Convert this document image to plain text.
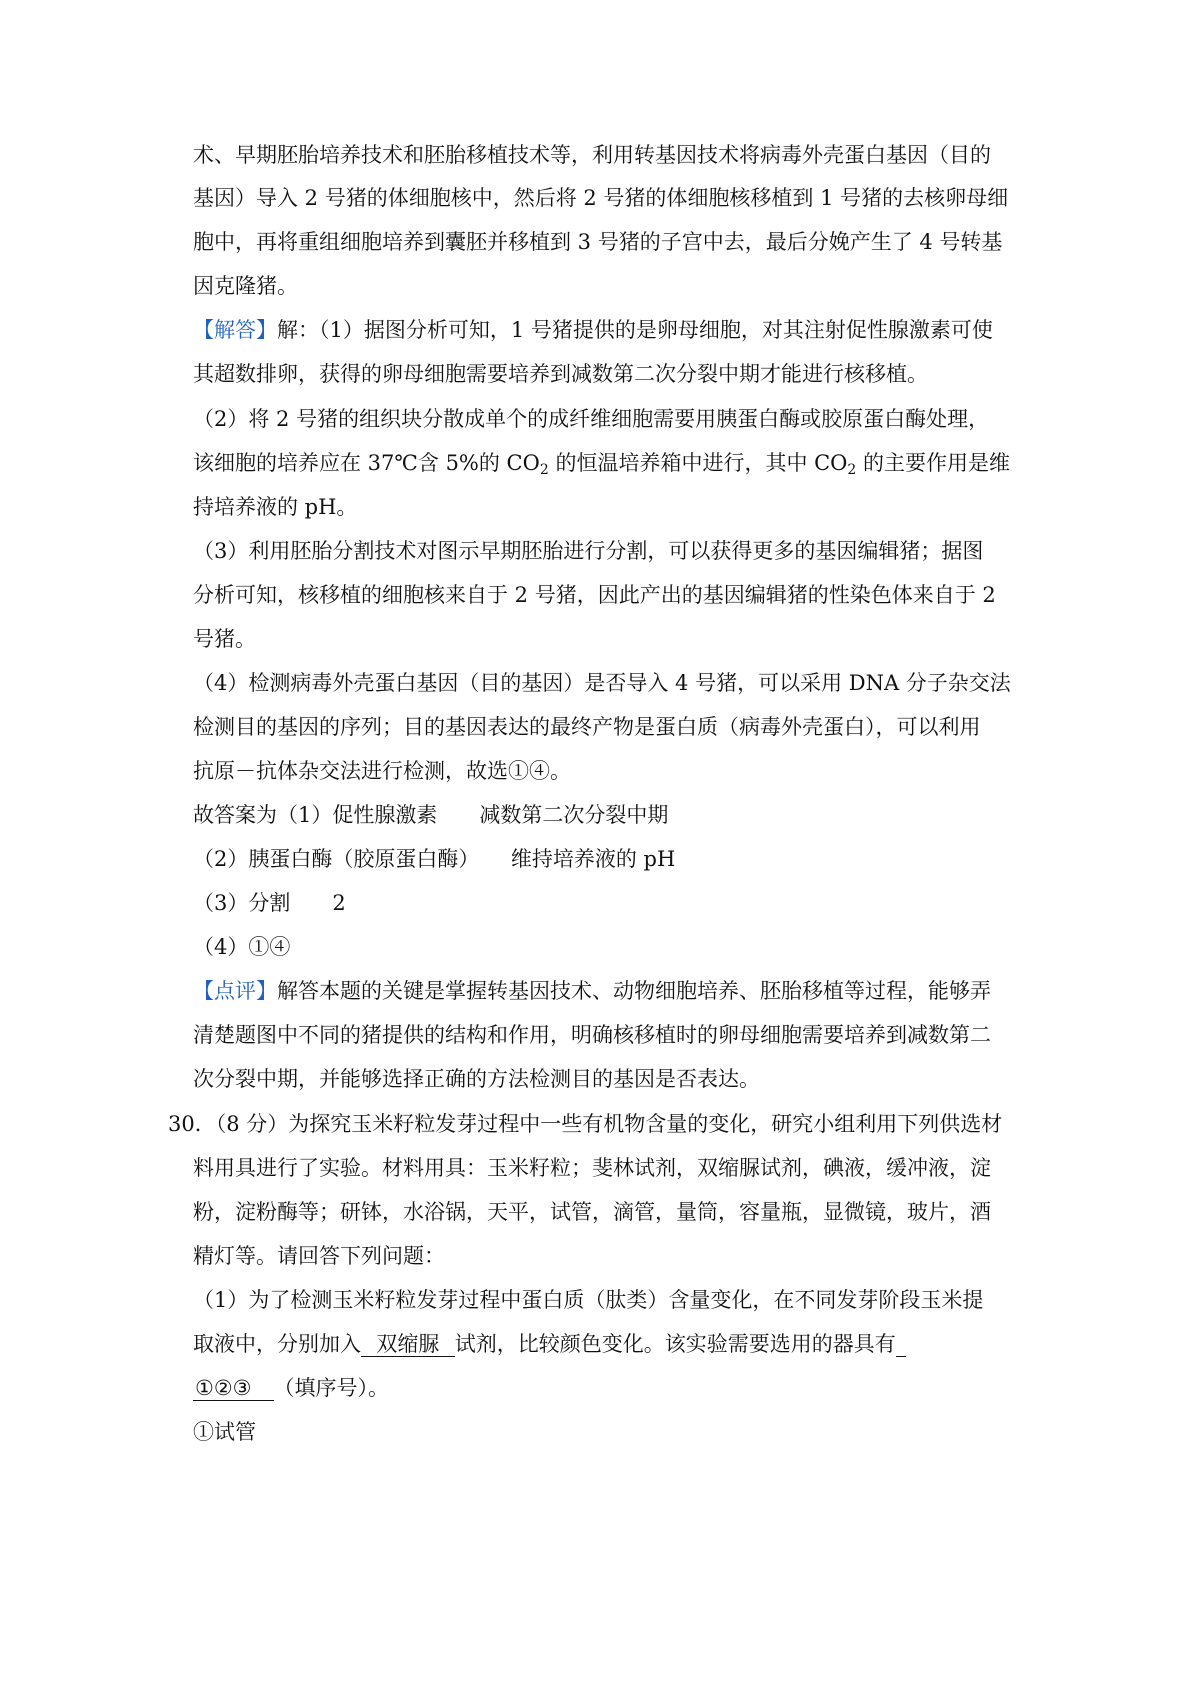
术、早期胚胎培养技术和胚胎移植技术等，利用转基因技术将病毒外壳蛋白基因（目的
基因）导入 2 号猪的体细胞核中，然后将 2 号猪的体细胞核移植到 1 号猪的去核卵母细
胞中，再将重组细胞培养到囊胚并移植到 3 号猪的子宫中去，最后分娩产生了 4 号转基
因克隆猪。
【解答】解：（1）据图分析可知，1 号猪提供的是卵母细胞，对其注射促性腺激素可使
其超数排卵，获得的卵母细胞需要培养到减数第二次分裂中期才能进行核移植。
（2）将 2 号猪的组织块分散成单个的成纤维细胞需要用胰蛋白酶或胶原蛋白酶处理，
该细胞的培养应在 37℃含 5%的 $CO_2$ 的恒温培养箱中进行，其中 $CO_2$ 的主要作用是维
持培养液的 pH。
（3）利用胚胎分割技术对图示早期胚胎进行分割，可以获得更多的基因编辑猪；据图
分析可知，核移植的细胞核来自于 2 号猪，因此产出的基因编辑猪的性染色体来自于 2
号猪。
（4）检测病毒外壳蛋白基因（目的基因）是否导入 4 号猪，可以采用 DNA 分子杂交法
检测目的基因的序列；目的基因表达的最终产物是蛋白质（病毒外壳蛋白），可以利用
抗原－抗体杂交法进行检测，故选①④。
故答案为（1）促性腺激素　　减数第二次分裂中期
（2）胰蛋白酶（胶原蛋白酶）　　维持培养液的 pH
（3）分割　　2
（4）①④
【点评】解答本题的关键是掌握转基因技术、动物细胞培养、胚胎移植等过程，能够弄
清楚题图中不同的猪提供的结构和作用，明确核移植时的卵母细胞需要培养到减数第二
次分裂中期，并能够选择正确的方法检测目的基因是否表达。
30．（8 分）为探究玉米籽粒发芽过程中一些有机物含量的变化，研究小组利用下列供选材
料用具进行了实验。材料用具：玉米籽粒；斐林试剂，双缩脲试剂，碘液，缓冲液，淀
粉，淀粉酶等；研钵，水浴锅，天平，试管，滴管，量筒，容量瓶，显微镜，玻片，酒
精灯等。请回答下列问题：
（1）为了检测玉米籽粒发芽过程中蛋白质（肽类）含量变化，在不同发芽阶段玉米提
取液中，分别加入 双缩脲 试剂，比较颜色变化。该实验需要选用的器具有
①②③ （填序号）。
①试管
